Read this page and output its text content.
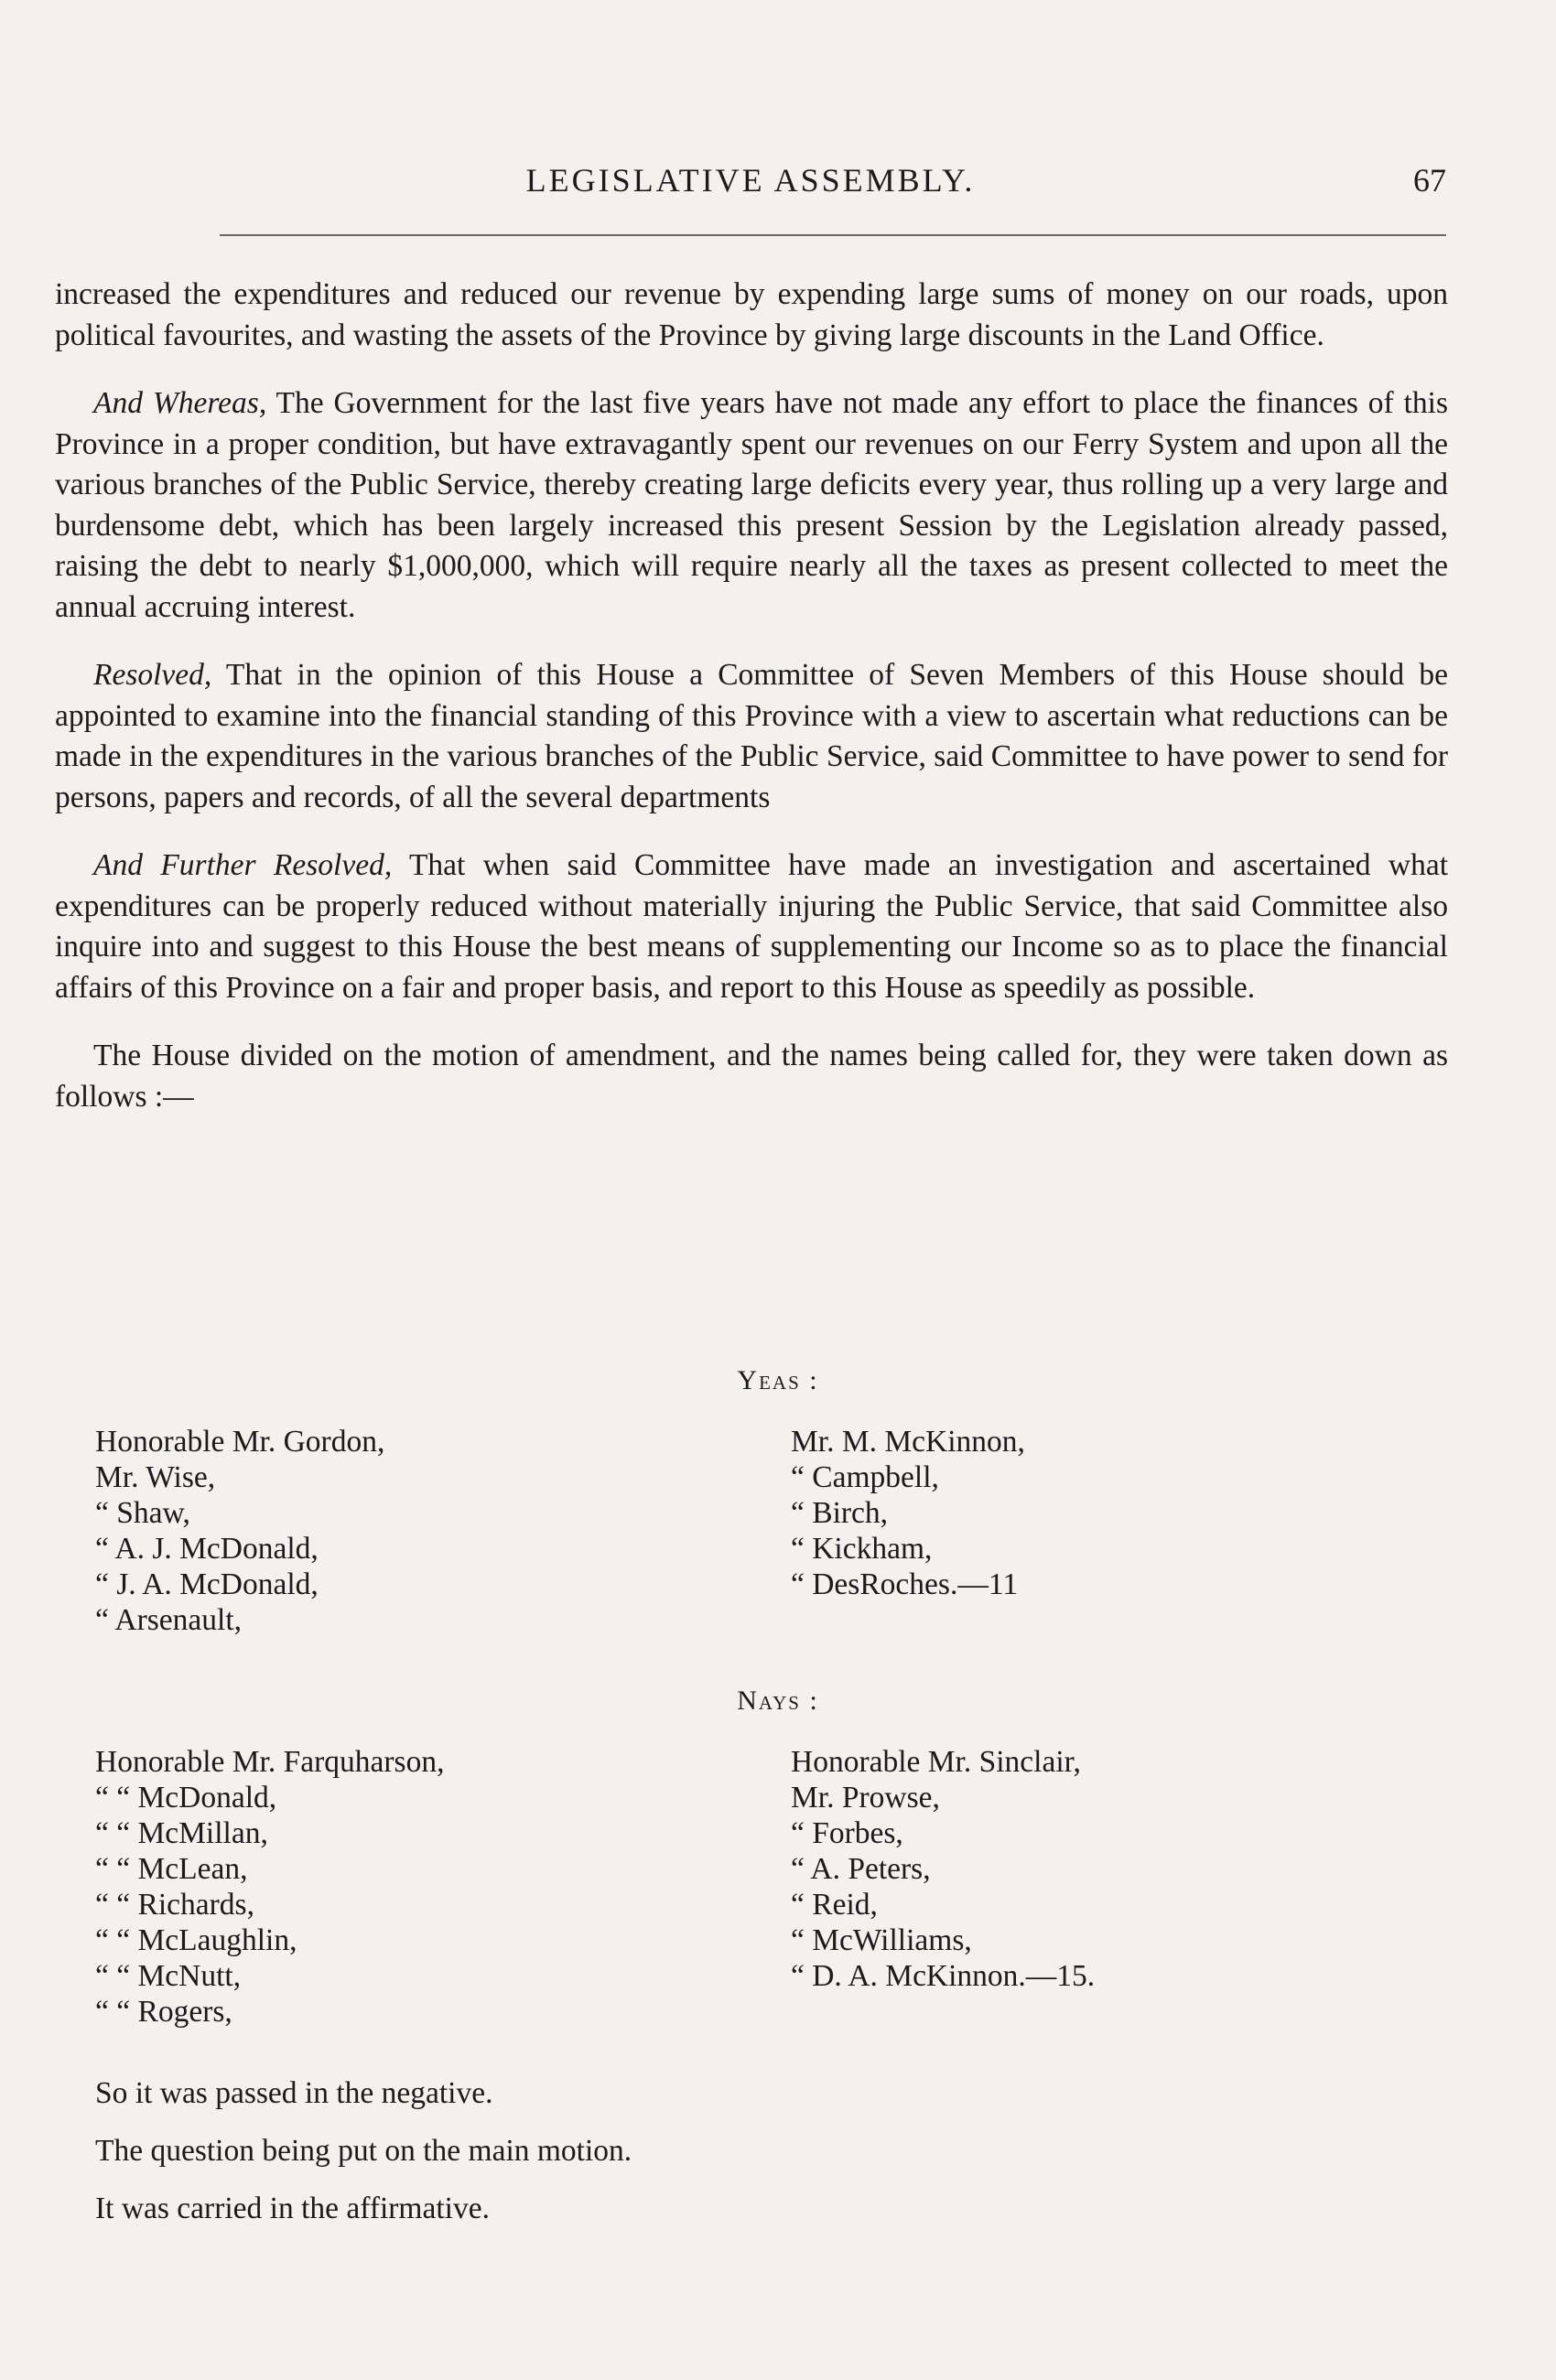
LEGISLATIVE ASSEMBLY.	67

increased the expenditures and reduced our revenue by expending large sums of money on our roads, upon political favourites, and wasting the assets of the Province by giving large discounts in the Land Office.

And Whereas, The Government for the last five years have not made any effort to place the finances of this Province in a proper condition, but have extravagantly spent our revenues on our Ferry System and upon all the various branches of the Public Service, thereby creating large deficits every year, thus rolling up a very large and burdensome debt, which has been largely increased this present Session by the Legislation already passed, raising the debt to nearly $1,000,000, which will require nearly all the taxes as present collected to meet the annual accruing interest.

Resolved, That in the opinion of this House a Committee of Seven Members of this House should be appointed to examine into the financial standing of this Province with a view to ascertain what reductions can be made in the expenditures in the various branches of the Public Service, said Committee to have power to send for persons, papers and records, of all the several departments

And Further Resolved, That when said Committee have made an investigation and ascertained what expenditures can be properly reduced without materially injuring the Public Service, that said Committee also inquire into and suggest to this House the best means of supplementing our Income so as to place the financial affairs of this Province on a fair and proper basis, and report to this House as speedily as possible.

The House divided on the motion of amendment, and the names being called for, they were taken down as follows :—

Yeas :
Honorable Mr. Gordon,
Mr. Wise,
“ Shaw,
“ A. J. McDonald,
“ J. A. McDonald,
“ Arsenault,
Mr. M. McKinnon,
“ Campbell,
“ Birch,
“ Kickham,
“ DesRoches.—11
Nays :
Honorable Mr. Farquharson,
“ “ McDonald,
“ “ McMillan,
“ “ McLean,
“ “ Richards,
“ “ McLaughlin,
“ “ McNutt,
“ “ Rogers,
Honorable Mr. Sinclair,
Mr. Prowse,
“ Forbes,
“ A. Peters,
“ Reid,
“ McWilliams,
“ D. A. McKinnon.—15.

So it was passed in the negative.

The question being put on the main motion.

It was carried in the affirmative.
